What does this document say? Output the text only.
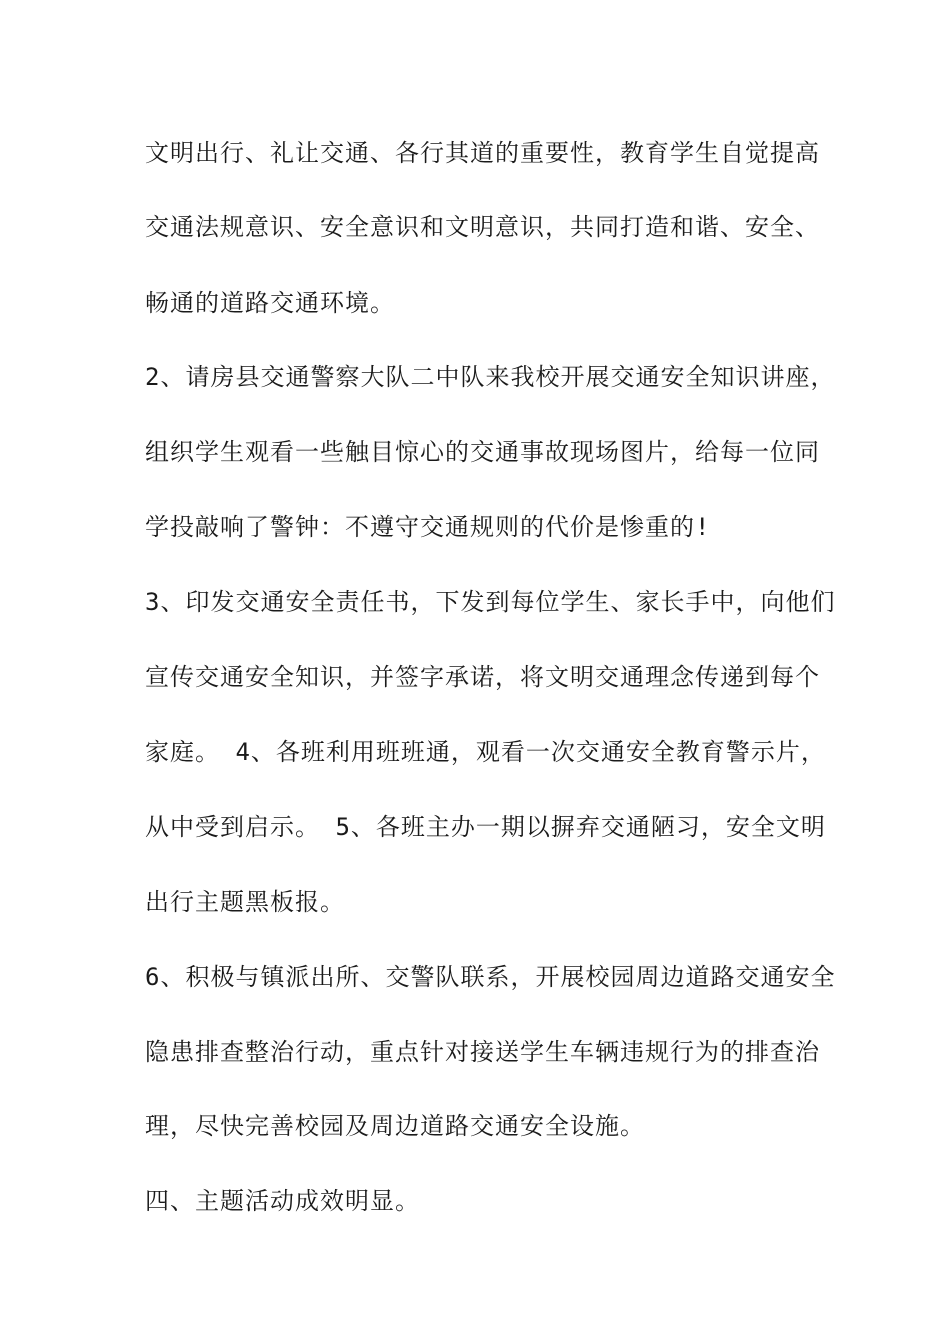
文明出行、礼让交通、各行其道的重要性，教育学生自觉提高
交通法规意识、安全意识和文明意识，共同打造和谐、安全、
畅通的道路交通环境。
2、请房县交通警察大队二中队来我校开展交通安全知识讲座，
组织学生观看一些触目惊心的交通事故现场图片，给每一位同
学投敲响了警钟：不遵守交通规则的代价是惨重的!
3、印发交通安全责任书，下发到每位学生、家长手中，向他们
宣传交通安全知识，并签字承诺，将文明交通理念传递到每个
家庭。 4、各班利用班班通，观看一次交通安全教育警示片，
从中受到启示。 5、各班主办一期以摒弃交通陋习，安全文明
出行主题黑板报。
6、积极与镇派出所、交警队联系，开展校园周边道路交通安全
隐患排查整治行动，重点针对接送学生车辆违规行为的排查治
理，尽快完善校园及周边道路交通安全设施。
四、主题活动成效明显。
